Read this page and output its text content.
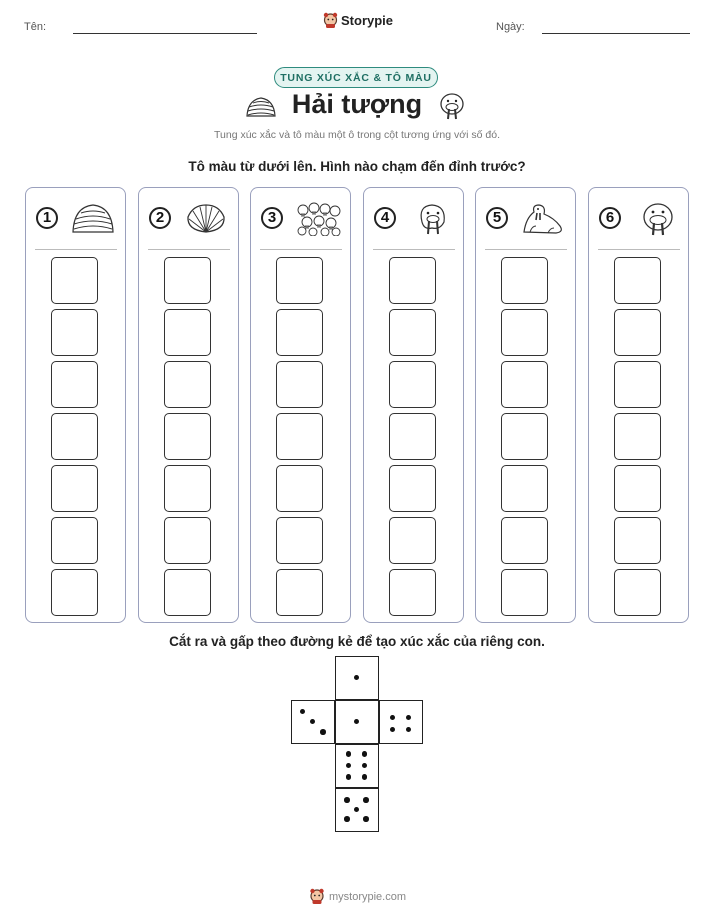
Tên:	Storypie	Ngày:
TUNG XÚC XẮC & TÔ MÀU
Hải tượng
Tung xúc xắc và tô màu một ô trong cột tương ứng với số đó.
Tô màu từ dưới lên. Hình nào chạm đến đỉnh trước?
1	2	3	4	5	6
Cắt ra và gấp theo đường kẻ để tạo xúc xắc của riêng con.
mystorypie.com
